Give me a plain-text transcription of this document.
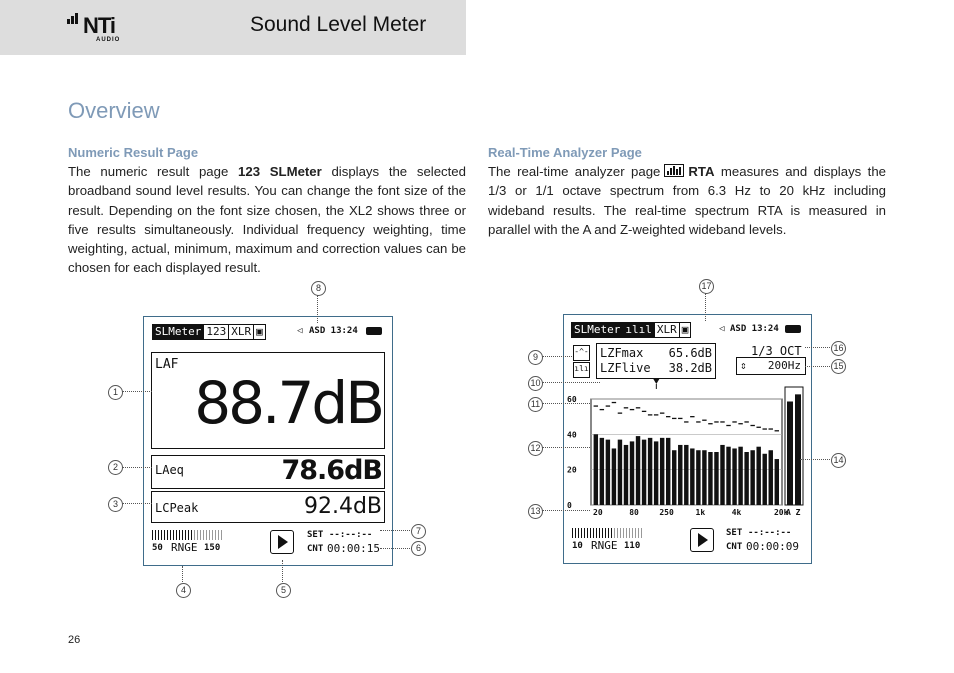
NTi
AUDIO
Sound Level Meter
Overview
Numeric Result Page
The numeric result page 123 SLMeter displays the selected broadband sound level results. You can change the font size of the result. Depending on the font size chosen, the XL2 shows three or five results simultaneously. Individual frequency weighting, time weighting, actual, minimum, maximum and correction values can be chosen for each displayed result.
Real-Time Analyzer Page
The real-time analyzer page RTA measures and displays the 1/3 or 1/1 octave spectrum from 6.3 Hz to 20 kHz including wideband results. The real-time spectrum RTA is measured in parallel with the A and Z-weighted wideband levels.
SLMeter 123 XLR ▣	◁ ASD 13:24
LAF
88.7dB
LAeq	78.6dB
LCPeak	92.4dB
50 RNGE 150
SET --:--:--
CNT 00:00:15
SLMeter ılıl XLR ▣	◁ ASD 13:24
-^-
ılı
LZFmax 65.6dB
LZFlive 38.2dB
1/3 OCT
⇕ 200Hz
60
40
20
0
20	80	250	1k	4k	20k
A Z
10 RNGE 110
SET --:--:--
CNT 00:00:09
1
2
3
4	5
6
7
8
9
10
11
12
13
14
15
16
17
26
